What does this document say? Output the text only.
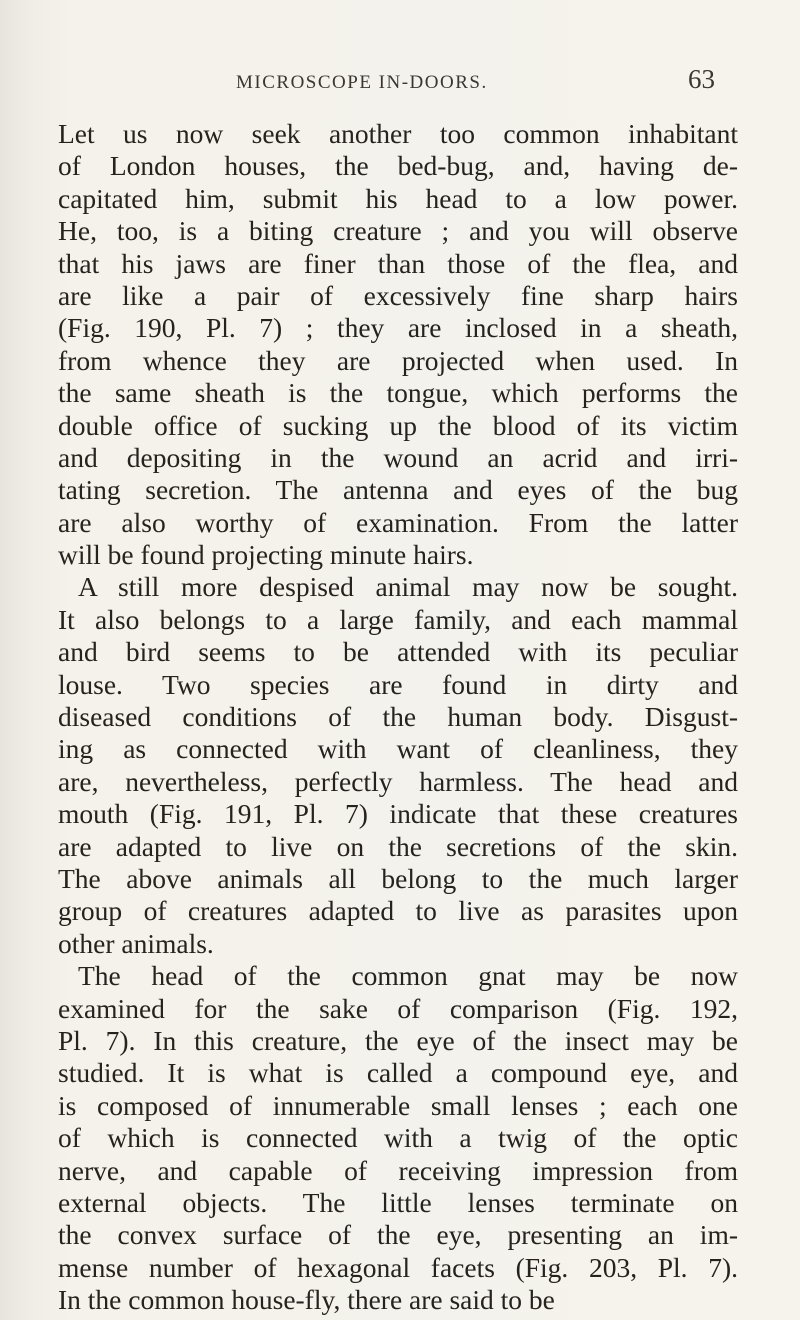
MICROSCOPE IN-DOORS.	63
Let us now seek another too common inhabitant
of London houses, the bed-bug, and, having de-
capitated him, submit his head to a low power.
He, too, is a biting creature ; and you will observe
that his jaws are finer than those of the flea, and
are like a pair of excessively fine sharp hairs
(Fig. 190, Pl. 7) ; they are inclosed in a sheath,
from whence they are projected when used. In
the same sheath is the tongue, which performs the
double office of sucking up the blood of its victim
and depositing in the wound an acrid and irri-
tating secretion. The antenna and eyes of the bug
are also worthy of examination. From the latter
will be found projecting minute hairs.
A still more despised animal may now be sought.
It also belongs to a large family, and each mammal
and bird seems to be attended with its peculiar
louse. Two species are found in dirty and
diseased conditions of the human body. Disgust-
ing as connected with want of cleanliness, they
are, nevertheless, perfectly harmless. The head and
mouth (Fig. 191, Pl. 7) indicate that these creatures
are adapted to live on the secretions of the skin.
The above animals all belong to the much larger
group of creatures adapted to live as parasites upon
other animals.
The head of the common gnat may be now
examined for the sake of comparison (Fig. 192,
Pl. 7). In this creature, the eye of the insect may be
studied. It is what is called a compound eye, and
is composed of innumerable small lenses ; each one
of which is connected with a twig of the optic
nerve, and capable of receiving impression from
external objects. The little lenses terminate on
the convex surface of the eye, presenting an im-
mense number of hexagonal facets (Fig. 203, Pl. 7).
In the common house-fly, there are said to be
